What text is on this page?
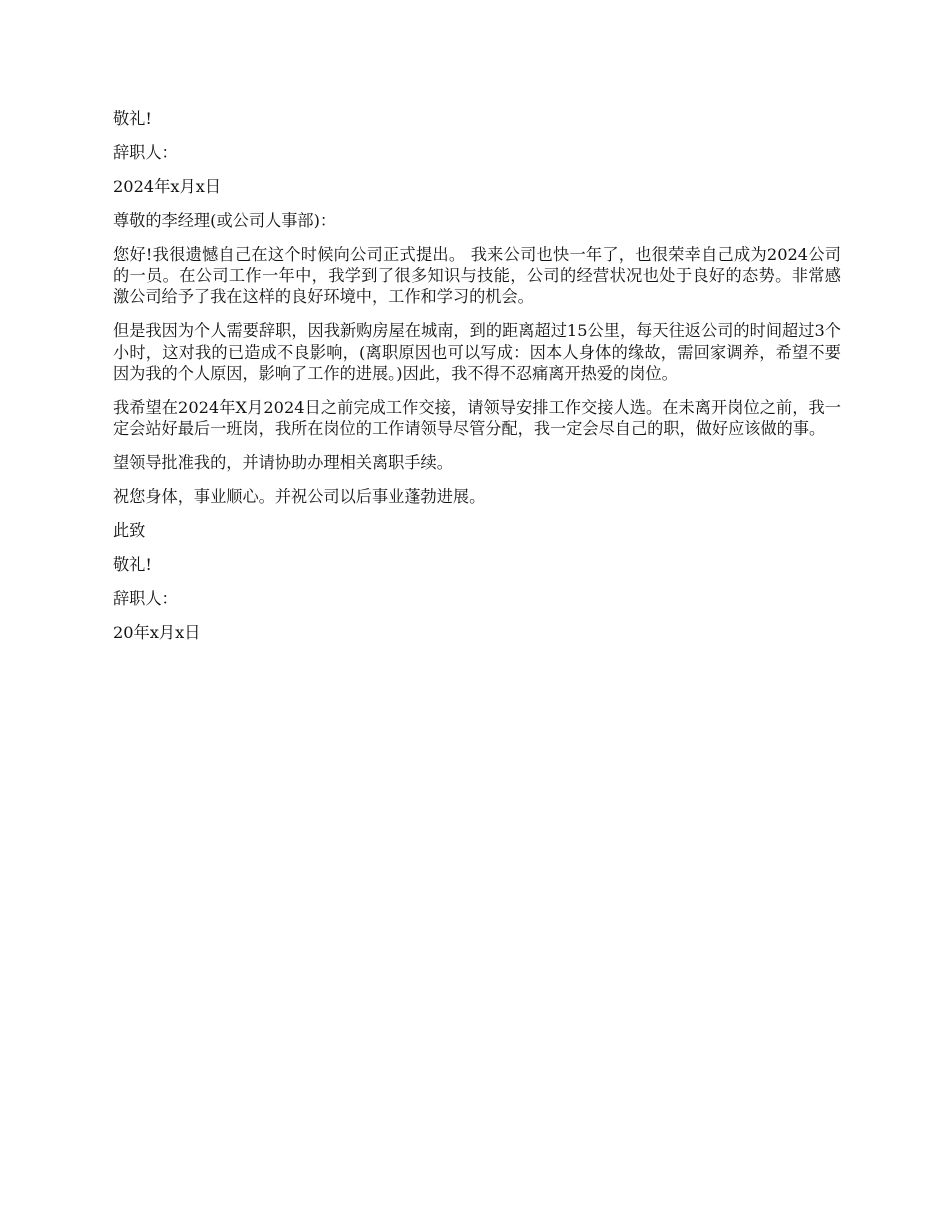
敬礼!

辞职人：

2024年x月x日

尊敬的李经理(或公司人事部)：

您好!我很遗憾自己在这个时候向公司正式提出。 我来公司也快一年了，也很荣幸自己成为2024公司的一员。在公司工作一年中，我学到了很多知识与技能，公司的经营状况也处于良好的态势。非常感激公司给予了我在这样的良好环境中，工作和学习的机会。

但是我因为个人需要辞职，因我新购房屋在城南，到的距离超过15公里，每天往返公司的时间超过3个小时，这对我的已造成不良影响，(离职原因也可以写成：因本人身体的缘故，需回家调养，希望不要因为我的个人原因，影响了工作的进展。)因此，我不得不忍痛离开热爱的岗位。

我希望在2024年X月2024日之前完成工作交接，请领导安排工作交接人选。在未离开岗位之前，我一定会站好最后一班岗，我所在岗位的工作请领导尽管分配，我一定会尽自己的职，做好应该做的事。

望领导批准我的，并请协助办理相关离职手续。

祝您身体，事业顺心。并祝公司以后事业蓬勃进展。

此致

敬礼!

辞职人：

20年x月x日
